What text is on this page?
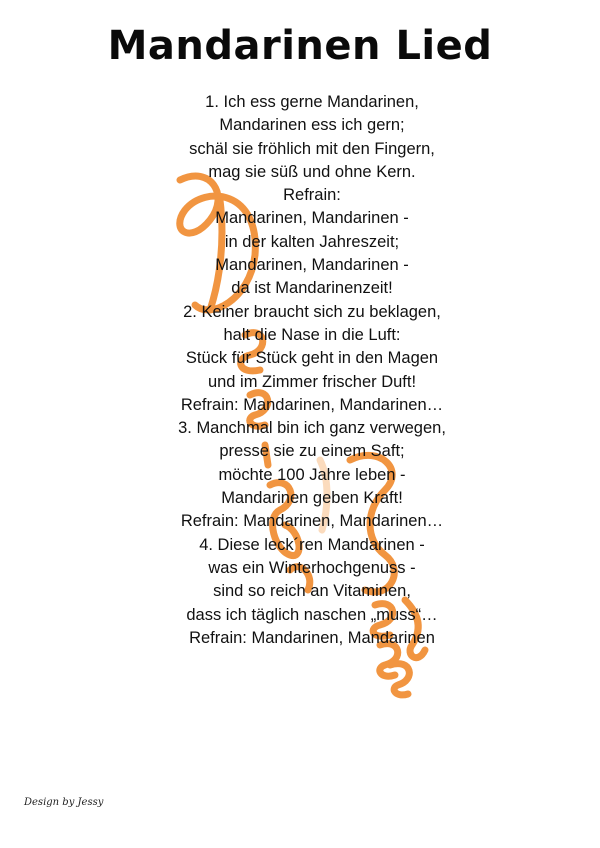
Mandarinen Lied
1. Ich ess gerne Mandarinen,
Mandarinen ess ich gern;
schäl sie fröhlich mit den Fingern,
mag sie süß und ohne Kern.
Refrain:
Mandarinen, Mandarinen -
in der kalten Jahreszeit;
Mandarinen, Mandarinen -
da ist Mandarinenzeit!
2. Keiner braucht sich zu beklagen,
halt die Nase in die Luft:
Stück für Stück geht in den Magen
und im Zimmer frischer Duft!
Refrain: Mandarinen, Mandarinen…
3. Manchmal bin ich ganz verwegen,
presse sie zu einem Saft;
möchte 100 Jahre leben -
Mandarinen geben Kraft!
Refrain: Mandarinen, Mandarinen…
4. Diese leck´ren Mandarinen -
was ein Winterhochgenuss -
sind so reich an Vitaminen,
dass ich täglich naschen „muss“…
Refrain: Mandarinen, Mandarinen
Design by Jessy
